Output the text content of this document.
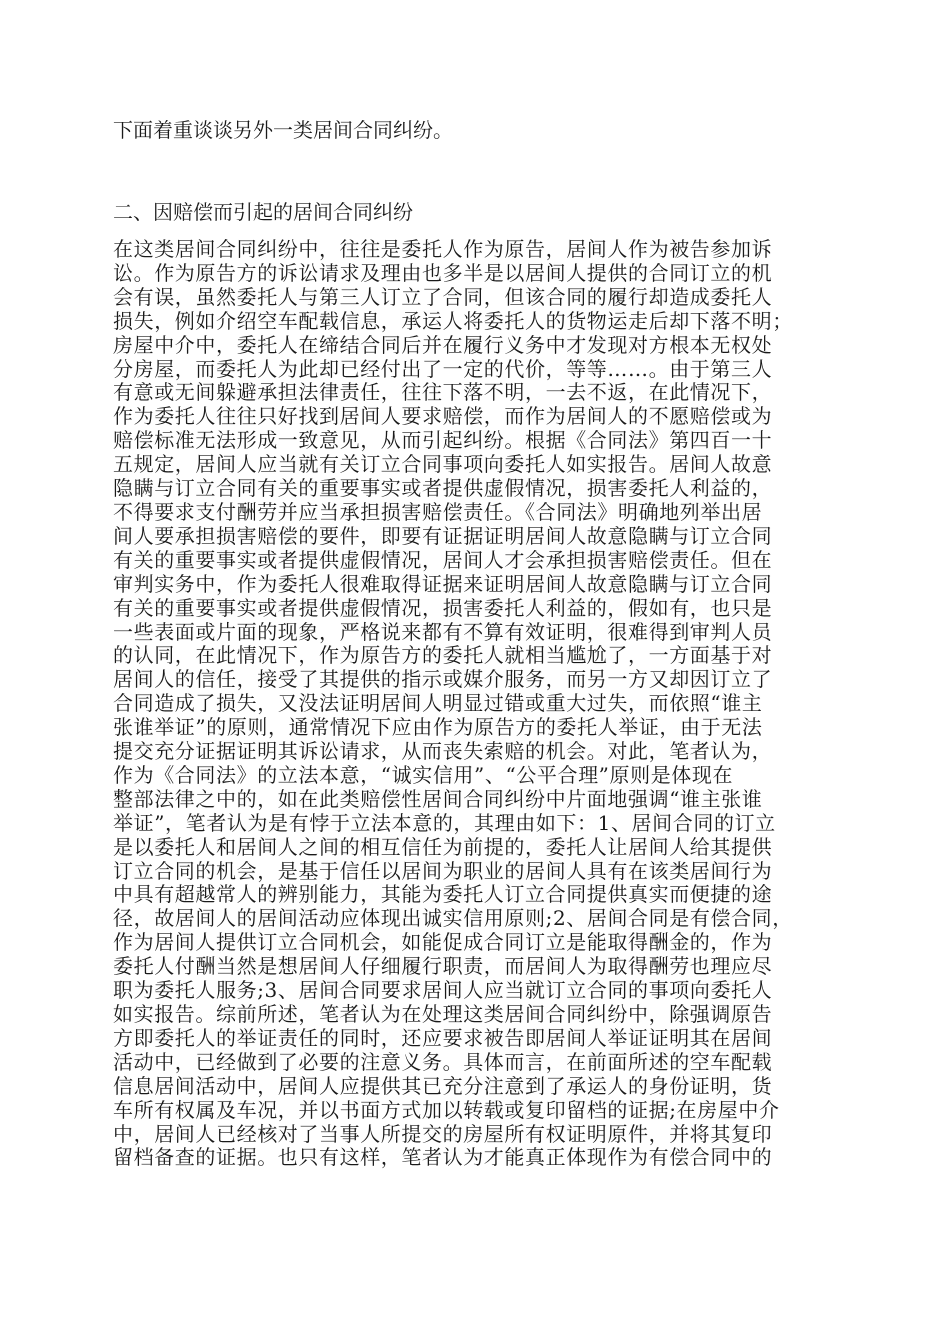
下面着重谈谈另外一类居间合同纠纷。

二、因赔偿而引起的居间合同纠纷

在这类居间合同纠纷中，往往是委托人作为原告，居间人作为被告参加诉
讼。作为原告方的诉讼请求及理由也多半是以居间人提供的合同订立的机
会有误，虽然委托人与第三人订立了合同，但该合同的履行却造成委托人
损失，例如介绍空车配载信息，承运人将委托人的货物运走后却下落不明；
房屋中介中，委托人在缔结合同后并在履行义务中才发现对方根本无权处
分房屋，而委托人为此却已经付出了一定的代价，等等……。由于第三人
有意或无间躲避承担法律责任，往往下落不明，一去不返，在此情况下，
作为委托人往往只好找到居间人要求赔偿，而作为居间人的不愿赔偿或为
赔偿标准无法形成一致意见，从而引起纠纷。根据《合同法》第四百一十
五规定，居间人应当就有关订立合同事项向委托人如实报告。居间人故意
隐瞒与订立合同有关的重要事实或者提供虚假情况，损害委托人利益的，
不得要求支付酬劳并应当承担损害赔偿责任。《合同法》明确地列举出居
间人要承担损害赔偿的要件，即要有证据证明居间人故意隐瞒与订立合同
有关的重要事实或者提供虚假情况，居间人才会承担损害赔偿责任。但在
审判实务中，作为委托人很难取得证据来证明居间人故意隐瞒与订立合同
有关的重要事实或者提供虚假情况，损害委托人利益的，假如有，也只是
一些表面或片面的现象，严格说来都有不算有效证明，很难得到审判人员
的认同，在此情况下，作为原告方的委托人就相当尴尬了，一方面基于对
居间人的信任，接受了其提供的指示或媒介服务，而另一方又却因订立了
合同造成了损失，又没法证明居间人明显过错或重大过失，而依照“谁主
张谁举证”的原则，通常情况下应由作为原告方的委托人举证，由于无法
提交充分证据证明其诉讼请求，从而丧失索赔的机会。对此，笔者认为，
作为《合同法》的立法本意，“诚实信用”、“公平合理”原则是体现在
整部法律之中的，如在此类赔偿性居间合同纠纷中片面地强调“谁主张谁
举证”，笔者认为是有悖于立法本意的，其理由如下：1、居间合同的订立
是以委托人和居间人之间的相互信任为前提的，委托人让居间人给其提供
订立合同的机会，是基于信任以居间为职业的居间人具有在该类居间行为
中具有超越常人的辨别能力，其能为委托人订立合同提供真实而便捷的途
径，故居间人的居间活动应体现出诚实信用原则;2、居间合同是有偿合同，
作为居间人提供订立合同机会，如能促成合同订立是能取得酬金的，作为
委托人付酬当然是想居间人仔细履行职责，而居间人为取得酬劳也理应尽
职为委托人服务;3、居间合同要求居间人应当就订立合同的事项向委托人
如实报告。综前所述，笔者认为在处理这类居间合同纠纷中，除强调原告
方即委托人的举证责任的同时，还应要求被告即居间人举证证明其在居间
活动中，已经做到了必要的注意义务。具体而言，在前面所述的空车配载
信息居间活动中，居间人应提供其已充分注意到了承运人的身份证明，货
车所有权属及车况，并以书面方式加以转载或复印留档的证据;在房屋中介
中，居间人已经核对了当事人所提交的房屋所有权证明原件，并将其复印
留档备查的证据。也只有这样，笔者认为才能真正体现作为有偿合同中的
